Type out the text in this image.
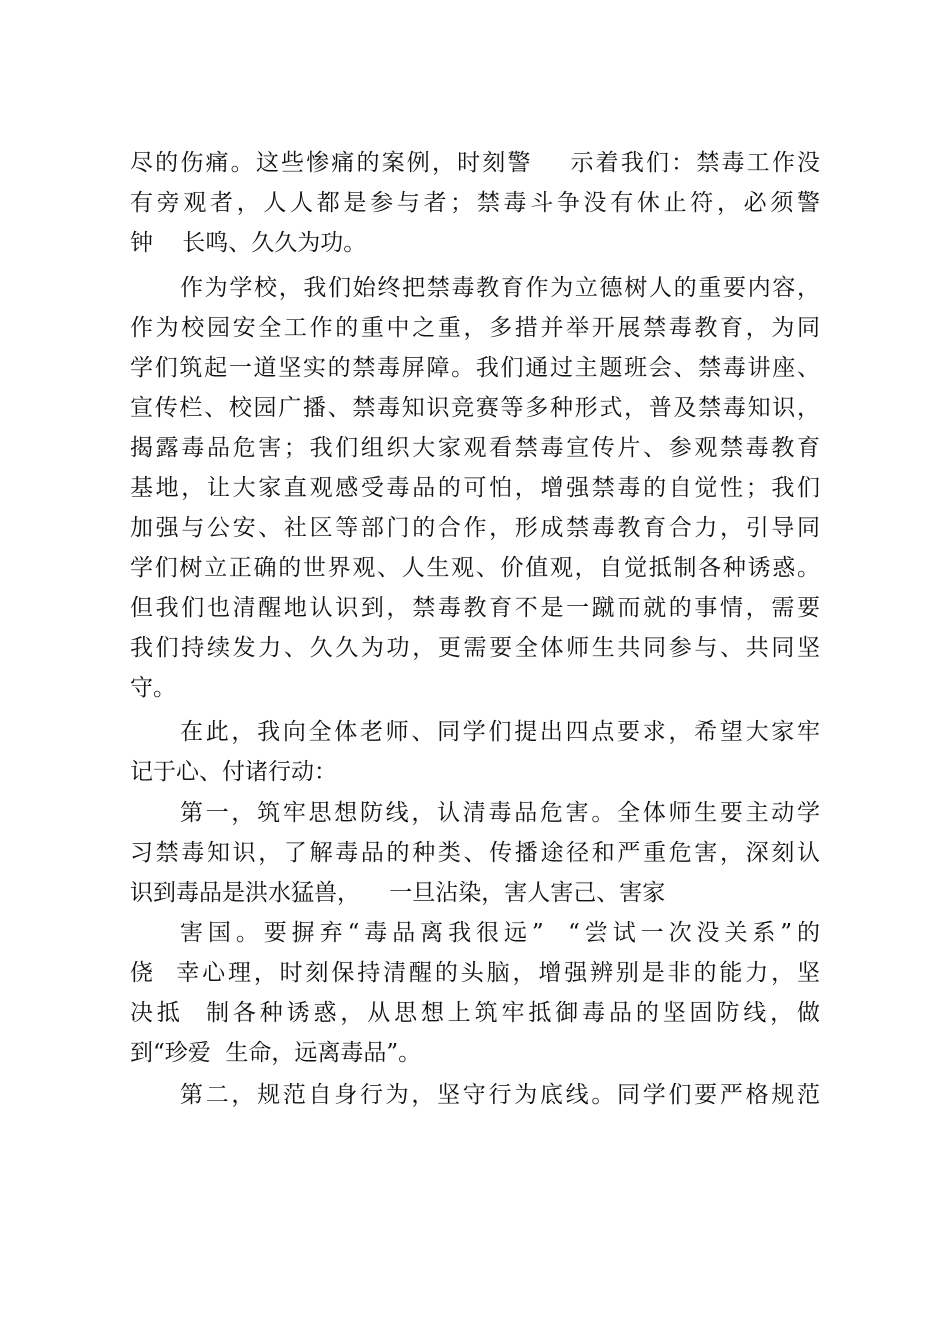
尽的伤痛。这些惨痛的案例，时刻警    示着我们：禁毒工作没
有旁观者，人人都是参与者；禁毒斗争没有休止符，必须警
钟    长鸣、久久为功。
作为学校，我们始终把禁毒教育作为立德树人的重要内容，
作为校园安全工作的重中之重，多措并举开展禁毒教育，为同
学们筑起一道坚实的禁毒屏障。我们通过主题班会、禁毒讲座、
宣传栏、校园广播、禁毒知识竞赛等多种形式，普及禁毒知识，
揭露毒品危害；我们组织大家观看禁毒宣传片、参观禁毒教育
基地，让大家直观感受毒品的可怕，增强禁毒的自觉性；我们
加强与公安、社区等部门的合作，形成禁毒教育合力，引导同
学们树立正确的世界观、人生观、价值观，自觉抵制各种诱惑。
但我们也清醒地认识到，禁毒教育不是一蹴而就的事情，需要
我们持续发力、久久为功，更需要全体师生共同参与、共同坚
守。
在此，我向全体老师、同学们提出四点要求，希望大家牢
记于心、付诸行动：
第一，筑牢思想防线，认清毒品危害。全体师生要主动学
习禁毒知识，了解毒品的种类、传播途径和严重危害，深刻认
识到毒品是洪水猛兽，    一旦沾染，害人害己、害家
害国。要摒弃“毒品离我很远”  “尝试一次没关系”的
侥  幸心理，时刻保持清醒的头脑，增强辨别是非的能力，坚
决抵  制各种诱惑，从思想上筑牢抵御毒品的坚固防线，做
到“珍爱  生命，远离毒品”。
第二，规范自身行为，坚守行为底线。同学们要严格规范
